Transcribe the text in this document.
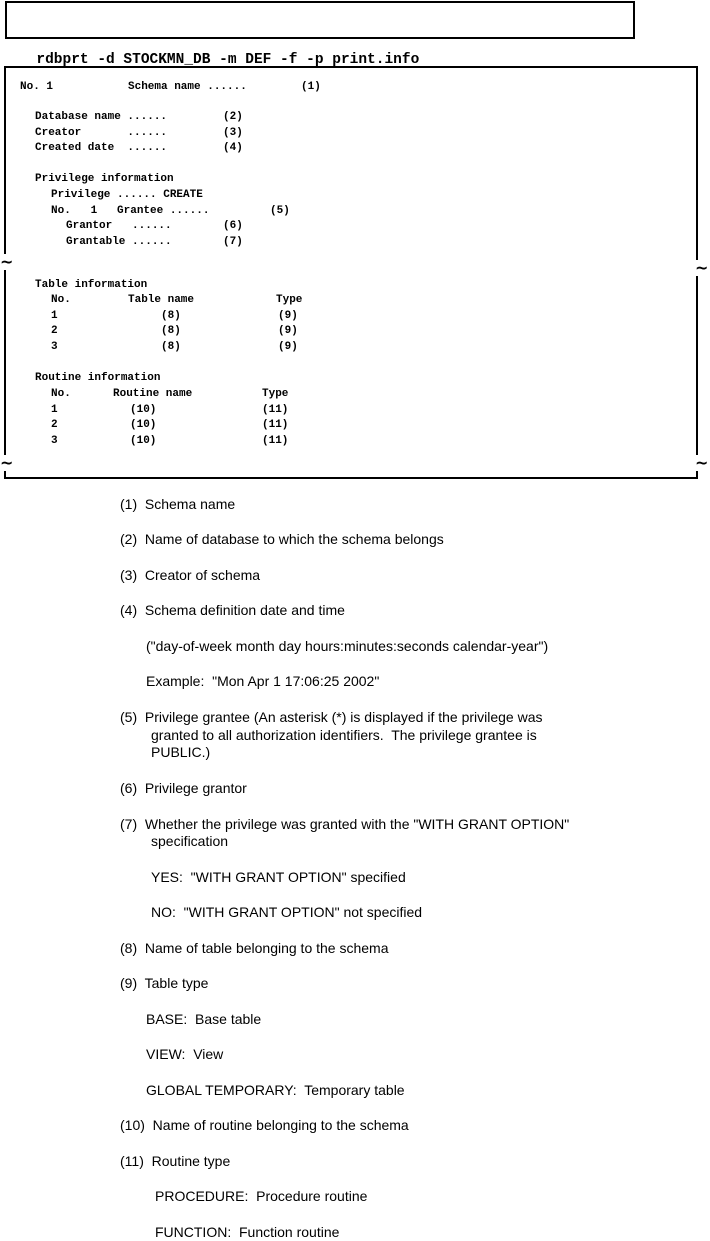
rdbprt -d STOCKMN_DB -m DEF -f -p print.info

~	~
~	~
No. 1	Schema name ......	(1)
Database name ......	(2)
Creator       ......	(3)
Created date  ......	(4)
Privilege information
Privilege ...... CREATE
No.   1   Grantee ......	(5)
Grantor   ......	(6)
Grantable ......	(7)
Table information
No.	Table name	Type
1	(8)	(9)
2	(8)	(9)
3	(8)	(9)
Routine information
No.	Routine name	Type
1	(10)	(11)
2	(10)	(11)
3	(10)	(11)
(1)  Schema name
(2)  Name of database to which the schema belongs
(3)  Creator of schema
(4)  Schema definition date and time
("day-of-week month day hours:minutes:seconds calendar-year")
Example:  "Mon Apr 1 17:06:25 2002"
(5)  Privilege grantee (An asterisk (*) is displayed if the privilege was
granted to all authorization identifiers.  The privilege grantee is
PUBLIC.)
(6)  Privilege grantor
(7)  Whether the privilege was granted with the "WITH GRANT OPTION"
specification
YES:  "WITH GRANT OPTION" specified
NO:  "WITH GRANT OPTION" not specified
(8)  Name of table belonging to the schema
(9)  Table type
BASE:  Base table
VIEW:  View
GLOBAL TEMPORARY:  Temporary table
(10)  Name of routine belonging to the schema
(11)  Routine type
PROCEDURE:  Procedure routine
FUNCTION:  Function routine
